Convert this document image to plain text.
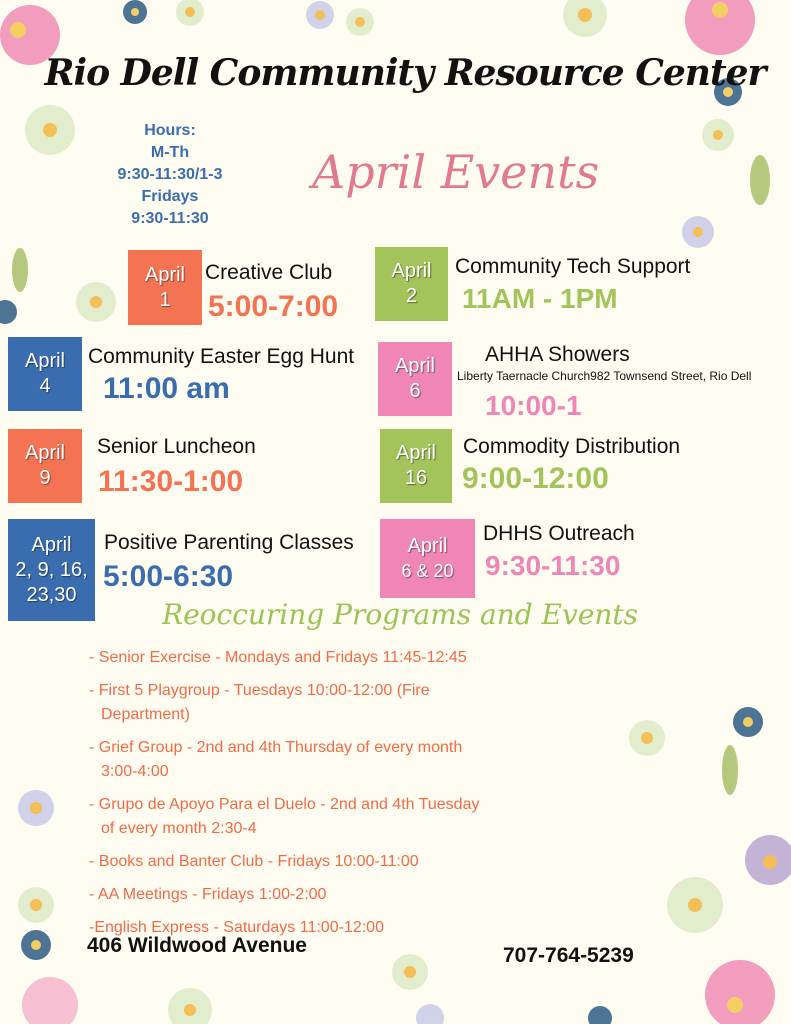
Rio Dell Community Resource Center
Hours:
M-Th
9:30-11:30/1-3
Fridays
9:30-11:30
April Events
April
1
Creative Club
5:00-7:00
April
2
Community Tech Support
11AM - 1PM
April
4
Community Easter Egg Hunt
11:00 am
April
6
AHHA Showers
Liberty Taernacle Church982 Townsend Street, Rio Dell
10:00-1
April
9
Senior Luncheon
11:30-1:00
April
16
Commodity Distribution
9:00-12:00
April
2, 9, 16,
23,30
Positive Parenting Classes
5:00-6:30
April
6 & 20
DHHS Outreach
9:30-11:30
Reoccuring Programs and Events
- Senior Exercise - Mondays and Fridays 11:45-12:45
- First 5 Playgroup - Tuesdays 10:00-12:00 (Fire
Department)
- Grief Group - 2nd and 4th Thursday of every month
3:00-4:00
- Grupo de Apoyo Para el Duelo - 2nd and 4th Tuesday
of every month 2:30-4
- Books and Banter Club - Fridays 10:00-11:00
- AA Meetings - Fridays 1:00-2:00
-English Express - Saturdays 11:00-12:00
406 Wildwood Avenue	707-764-5239
